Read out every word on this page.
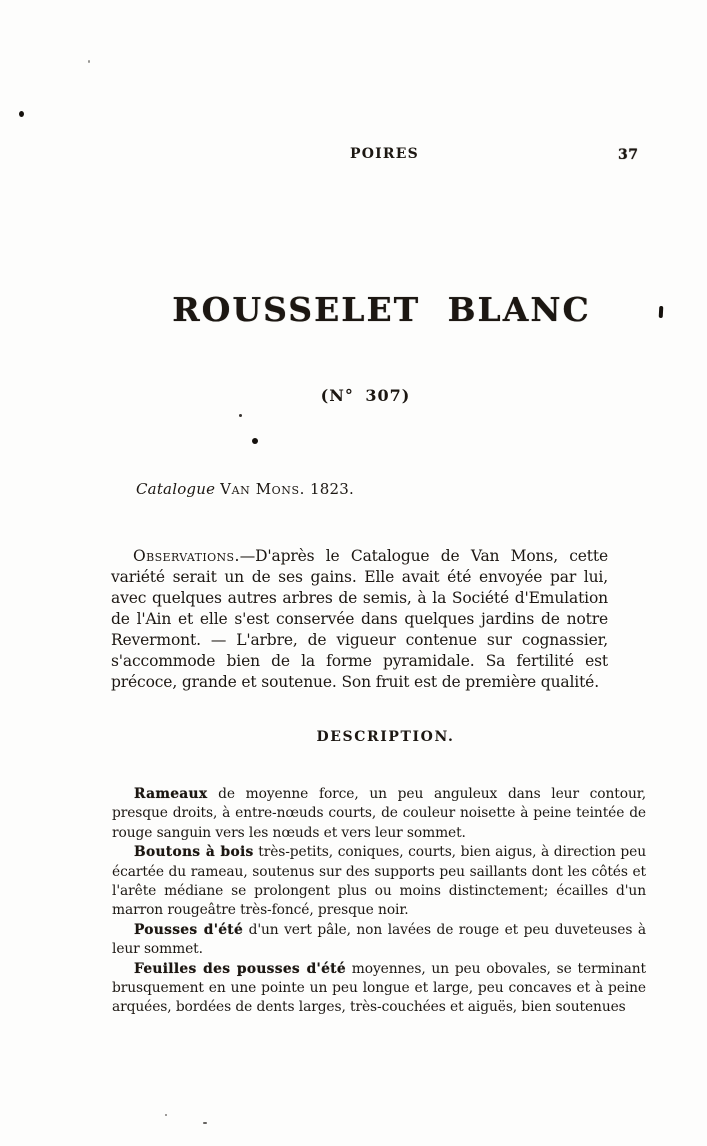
POIRES	37
ROUSSELET BLANC
(N° 307)
Catalogue Van Mons. 1823.

Observations.—D'après le Catalogue de Van Mons, cette variété serait un de ses gains. Elle avait été envoyée par lui, avec quelques autres arbres de semis, à la Société d'Emulation de l'Ain et elle s'est conservée dans quelques jardins de notre Revermont. — L'arbre, de vigueur contenue sur cognassier, s'accommode bien de la forme pyramidale. Sa fertilité est précoce, grande et soutenue. Son fruit est de première qualité.

DESCRIPTION.

Rameaux de moyenne force, un peu anguleux dans leur contour, presque droits, à entre-nœuds courts, de couleur noisette à peine teintée de rouge sanguin vers les nœuds et vers leur sommet.

Boutons à bois très-petits, coniques, courts, bien aigus, à direction peu écartée du rameau, soutenus sur des supports peu saillants dont les côtés et l'arête médiane se prolongent plus ou moins distinctement; écailles d'un marron rougeâtre très-foncé, presque noir.

Pousses d'été d'un vert pâle, non lavées de rouge et peu duveteuses à leur sommet.

Feuilles des pousses d'été moyennes, un peu obovales, se terminant brusquement en une pointe un peu longue et large, peu concaves et à peine arquées, bordées de dents larges, très-couchées et aiguës, bien soutenues
